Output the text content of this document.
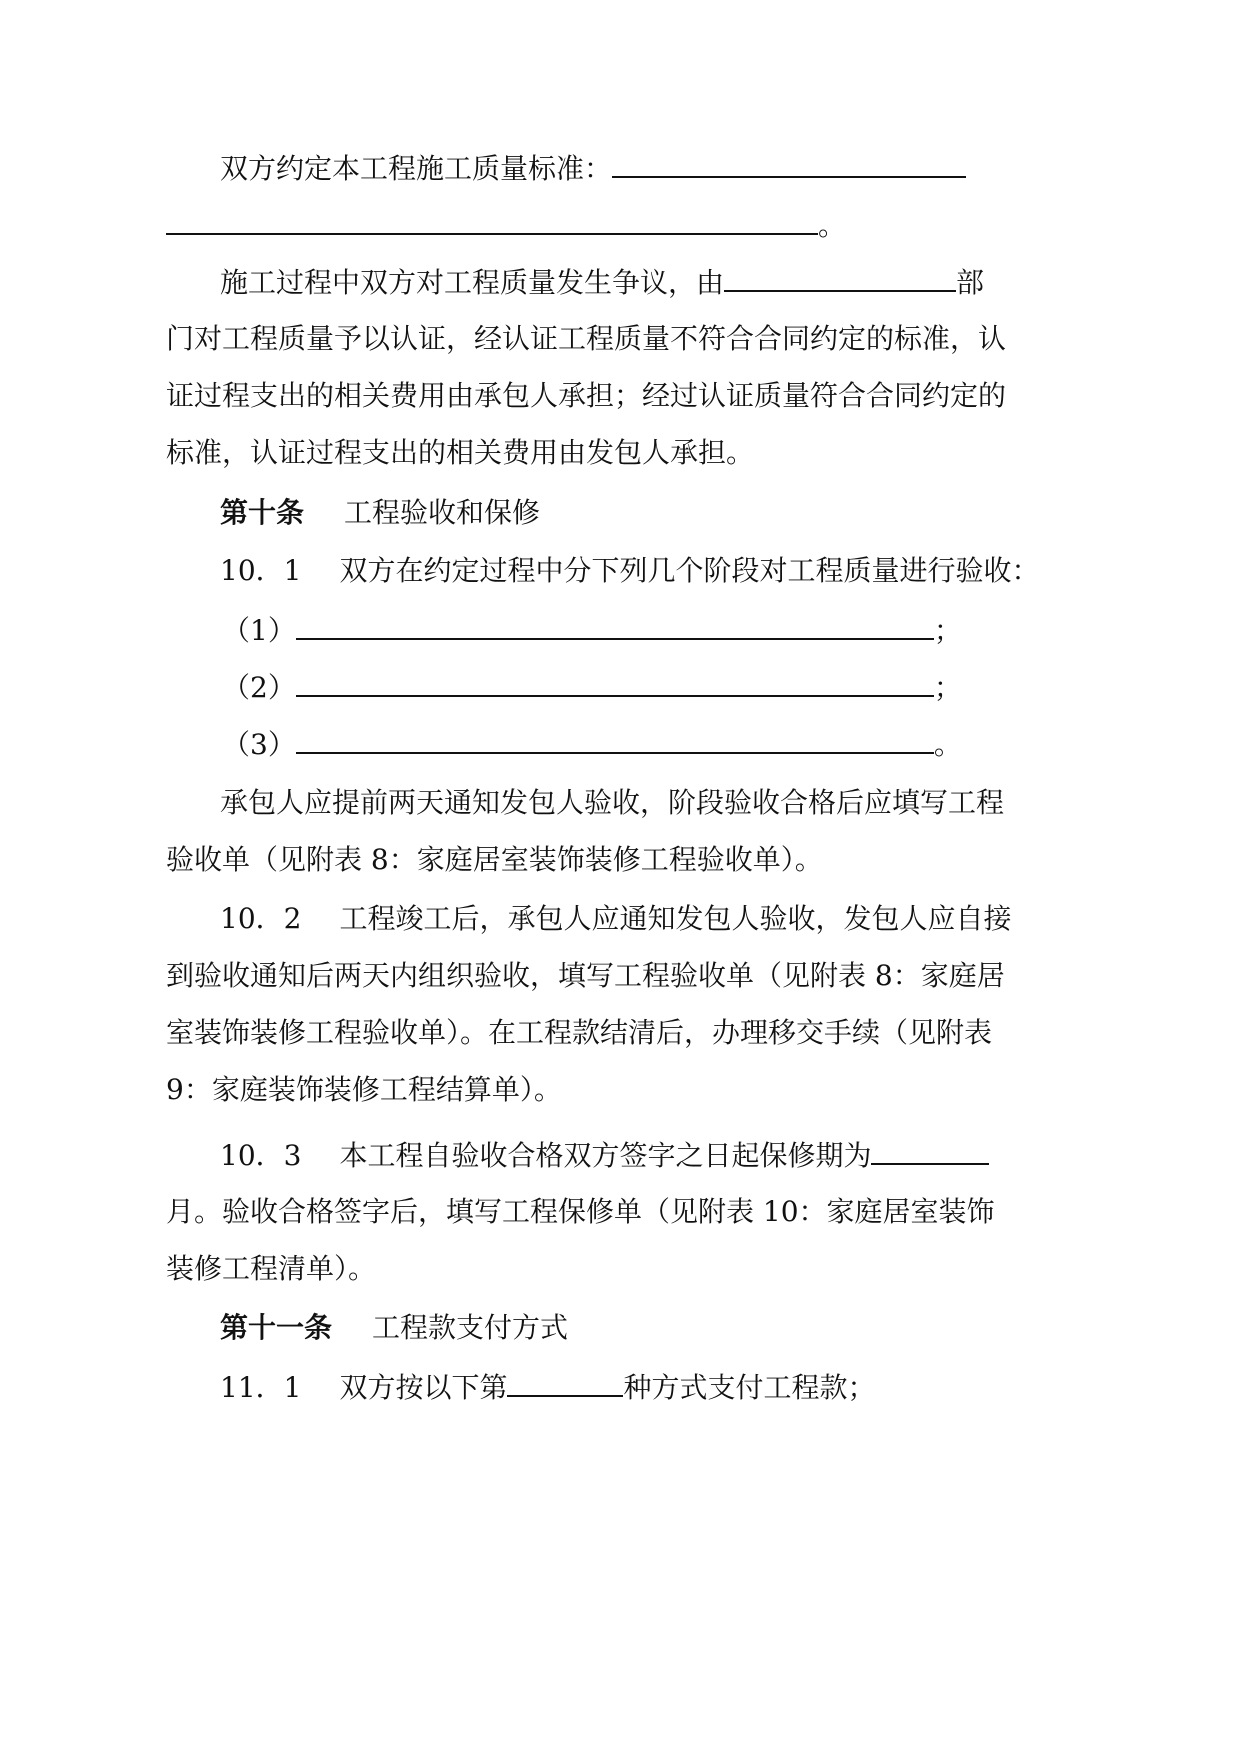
双方约定本工程施工质量标准：
。
施工过程中双方对工程质量发生争议，由	部
门对工程质量予以认证，经认证工程质量不符合合同约定的标准，认
证过程支出的相关费用由承包人承担；经过认证质量符合合同约定的
标准，认证过程支出的相关费用由发包人承担。
第十条 工程验收和保修
10．1 双方在约定过程中分下列几个阶段对工程质量进行验收：
（1）	；
（2）	；
（3）	。
承包人应提前两天通知发包人验收，阶段验收合格后应填写工程
验收单（见附表 8：家庭居室装饰装修工程验收单）。
10．2 工程竣工后，承包人应通知发包人验收，发包人应自接
到验收通知后两天内组织验收，填写工程验收单（见附表 8：家庭居
室装饰装修工程验收单）。在工程款结清后，办理移交手续（见附表
9：家庭装饰装修工程结算单）。
10．3 本工程自验收合格双方签字之日起保修期为
月。验收合格签字后，填写工程保修单（见附表 10：家庭居室装饰
装修工程清单）。
第十一条 工程款支付方式
11．1 双方按以下第	种方式支付工程款；
